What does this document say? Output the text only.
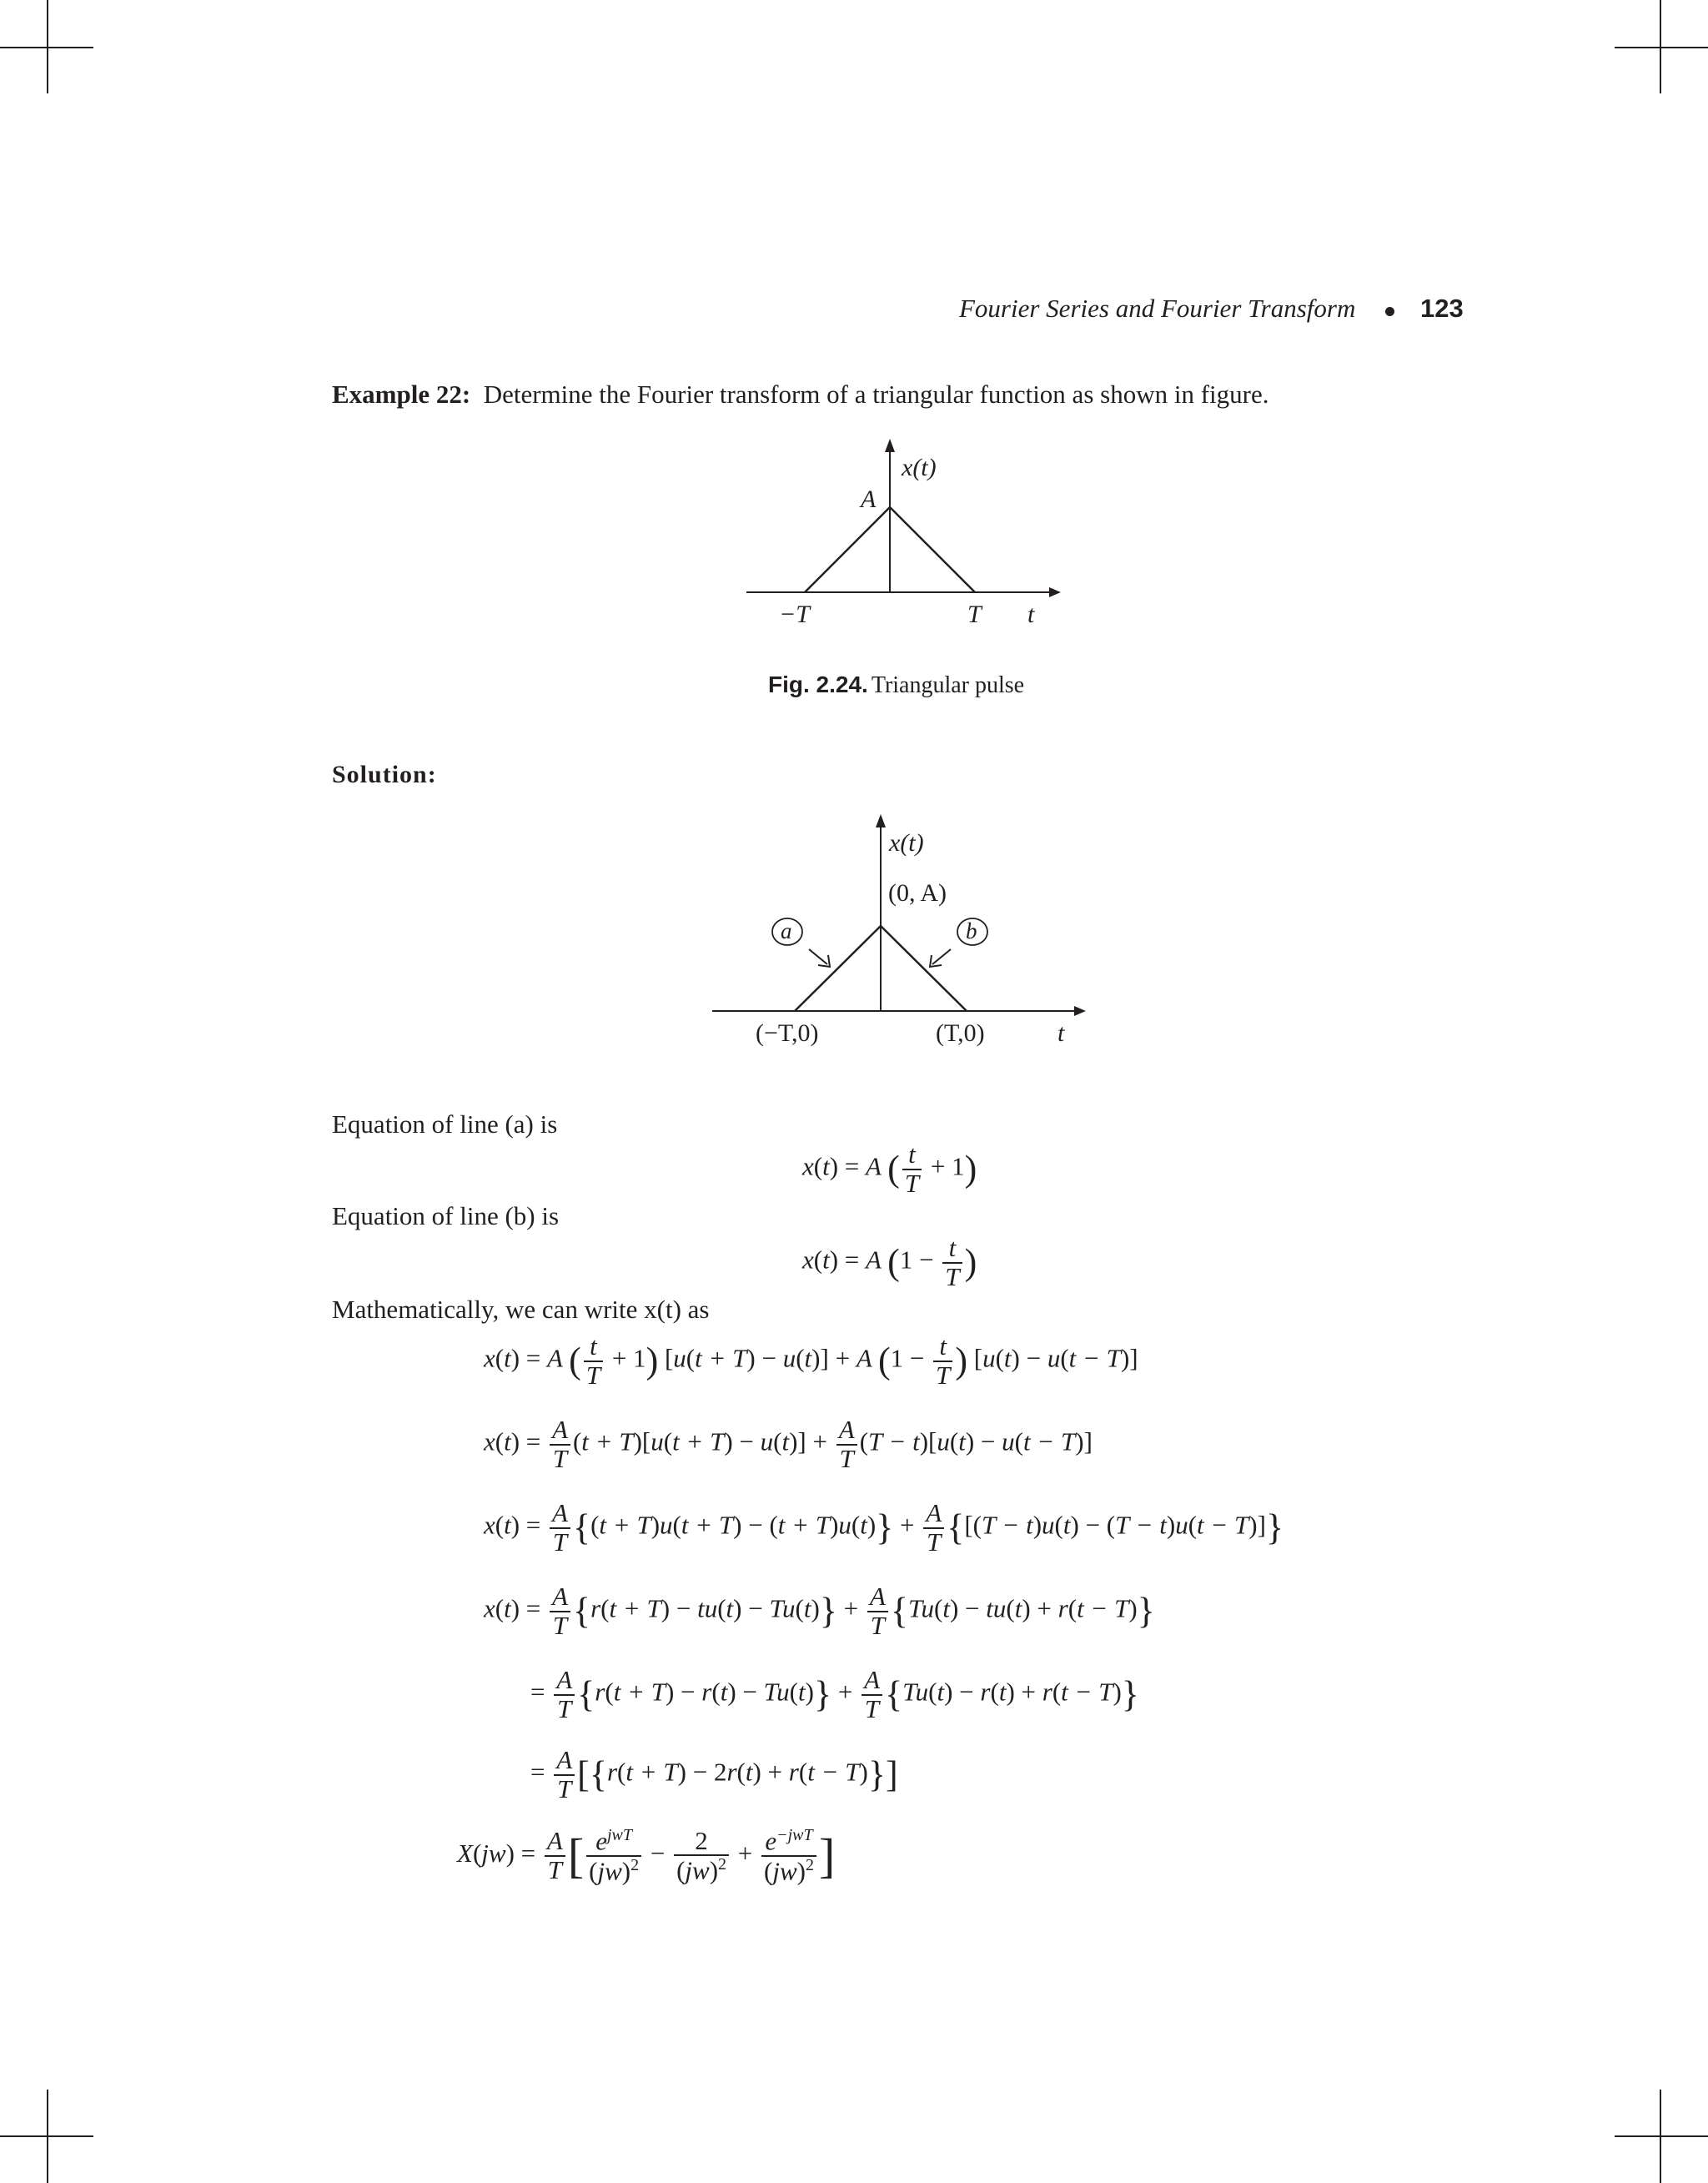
Fourier Series and Fourier Transform	123
Example 22: Determine the Fourier transform of a triangular function as shown in figure.
x(t)
A
−T	T t
Fig. 2.24. Triangular pulse
Solution:
x(t)
(0, A)
a	b
(−T,0)	(T,0)	t
Equation of line (a) is
x(t) = A ( $\frac{t}{T} + 1$)
Equation of line (b) is
x(t) = A ($1 - \frac{t}{T}$ )
Mathematically, we can write x(t) as
x(t) = A ( $\frac{t}{T} + 1$) [u(t + T) − u(t)] + A ($1 - \frac{t}{T}$ ) [u(t) − u(t − T)]
$x(t) = \frac{A}{T} (t + T)[u(t + T) - u(t)] + \frac{A}{T} (T - t)[u(t) - u(t - T)]$
$x(t) = \frac{A}{T} \{(t + T)u(t + T) - (t + T)u(t)\} + \frac{A}{T} \{[(T - t)u(t) - (T - t)u(t - T)]\}$
$x(t) = \frac{A}{T} \{r(t + T) - tu(t) - Tu(t)\} + \frac{A}{T} \{Tu(t) - tu(t) + r(t - T)\}$
= $\frac{A}{T} \{r(t + T) - r(t) - Tu(t)\} + \frac{A}{T} \{Tu(t) - r(t) + r(t - T)\}$
= $\frac{A}{T} [\{r(t + T) - 2r(t) + r(t - T)\}]$
$X(jw) = \frac{A}{T}$ [ $\frac{e^{jwT}}{(jw)^2} - \frac{2}{(jw)^2} + \frac{e^{-jwT}}{(jw)^2}$ ]
